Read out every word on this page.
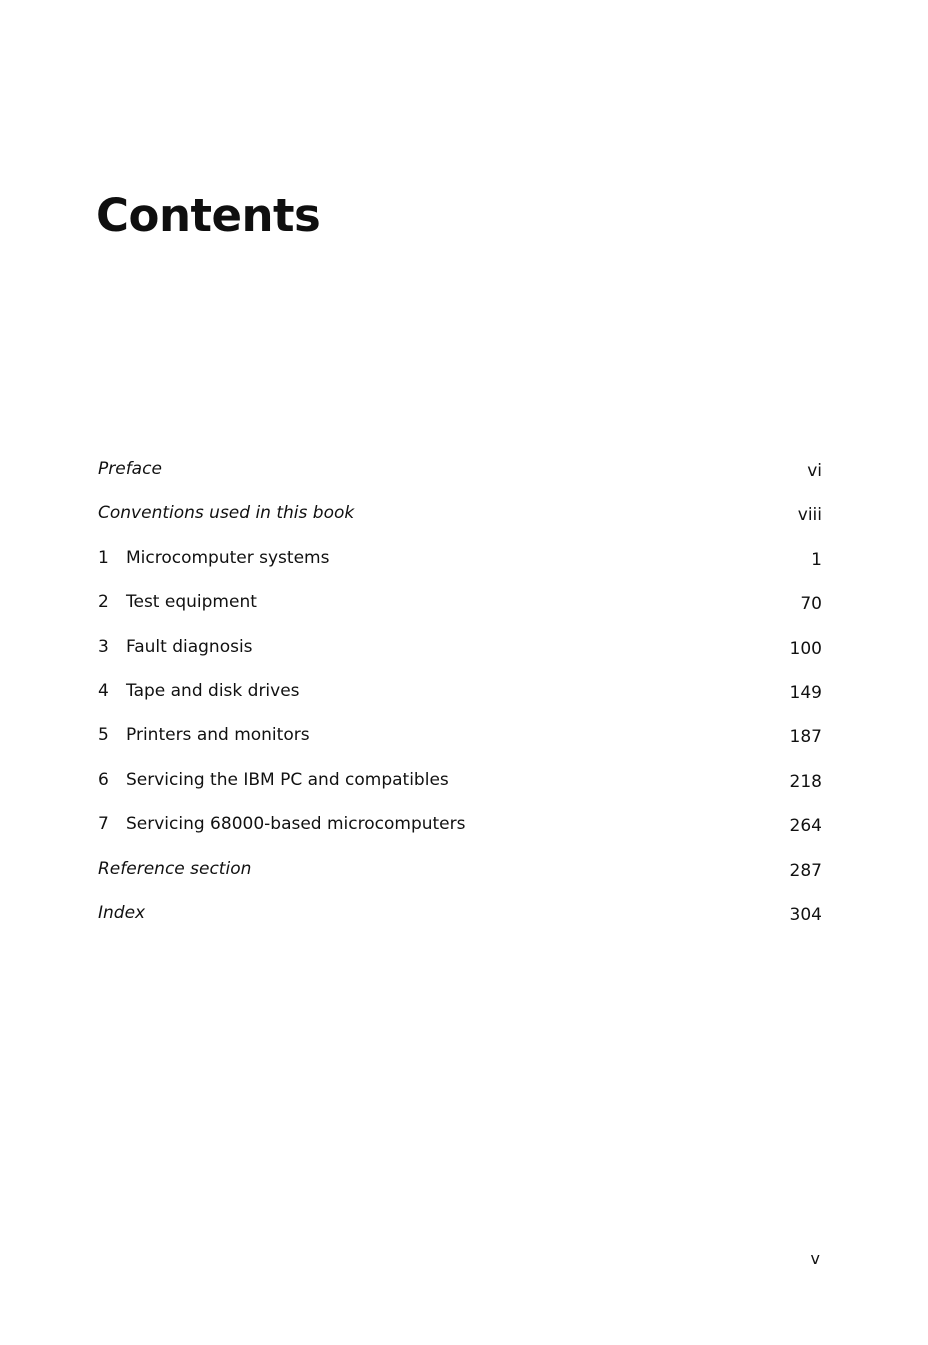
Contents
Preface	vi
Conventions used in this book	viii
1	Microcomputer systems	1
2	Test equipment	70
3	Fault diagnosis	100
4	Tape and disk drives	149
5	Printers and monitors	187
6	Servicing the IBM PC and compatibles	218
7	Servicing 68000-based microcomputers	264
Reference section	287
Index	304
v
